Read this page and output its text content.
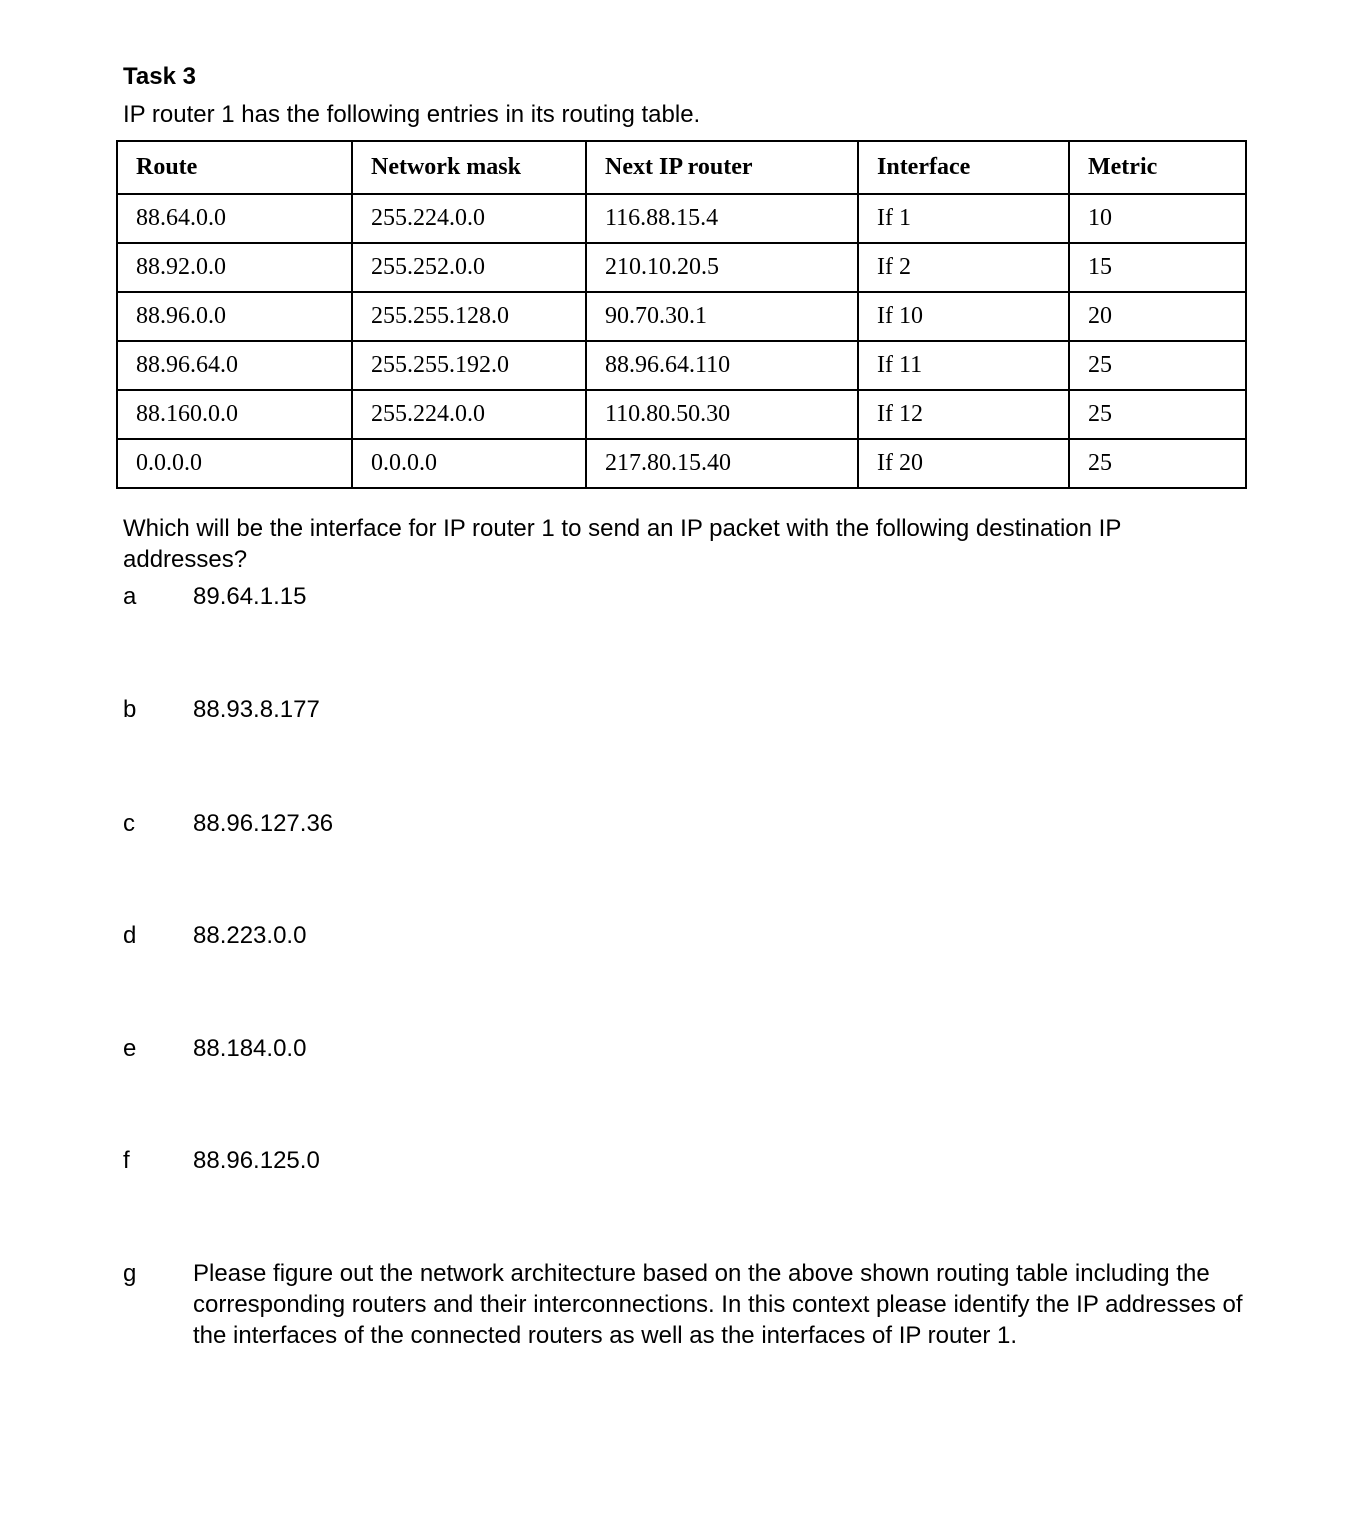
Task 3
IP router 1 has the following entries in its routing table.
Route	Network mask	Next IP router	Interface	Metric
88.64.0.0	255.224.0.0	116.88.15.4	If 1	10
88.92.0.0	255.252.0.0	210.10.20.5	If 2	15
88.96.0.0	255.255.128.0	90.70.30.1	If 10	20
88.96.64.0	255.255.192.0	88.96.64.110	If 11	25
88.160.0.0	255.224.0.0	110.80.50.30	If 12	25
0.0.0.0	0.0.0.0	217.80.15.40	If 20	25
Which will be the interface for IP router 1 to send an IP packet with the following destination IP addresses?
a	89.64.1.15
b	88.93.8.177
c	88.96.127.36
d	88.223.0.0
e	88.184.0.0
f	88.96.125.0
g	Please figure out the network architecture based on the above shown routing table including the corresponding routers and their interconnections. In this context please identify the IP addresses of the interfaces of the connected routers as well as the interfaces of IP router 1.
